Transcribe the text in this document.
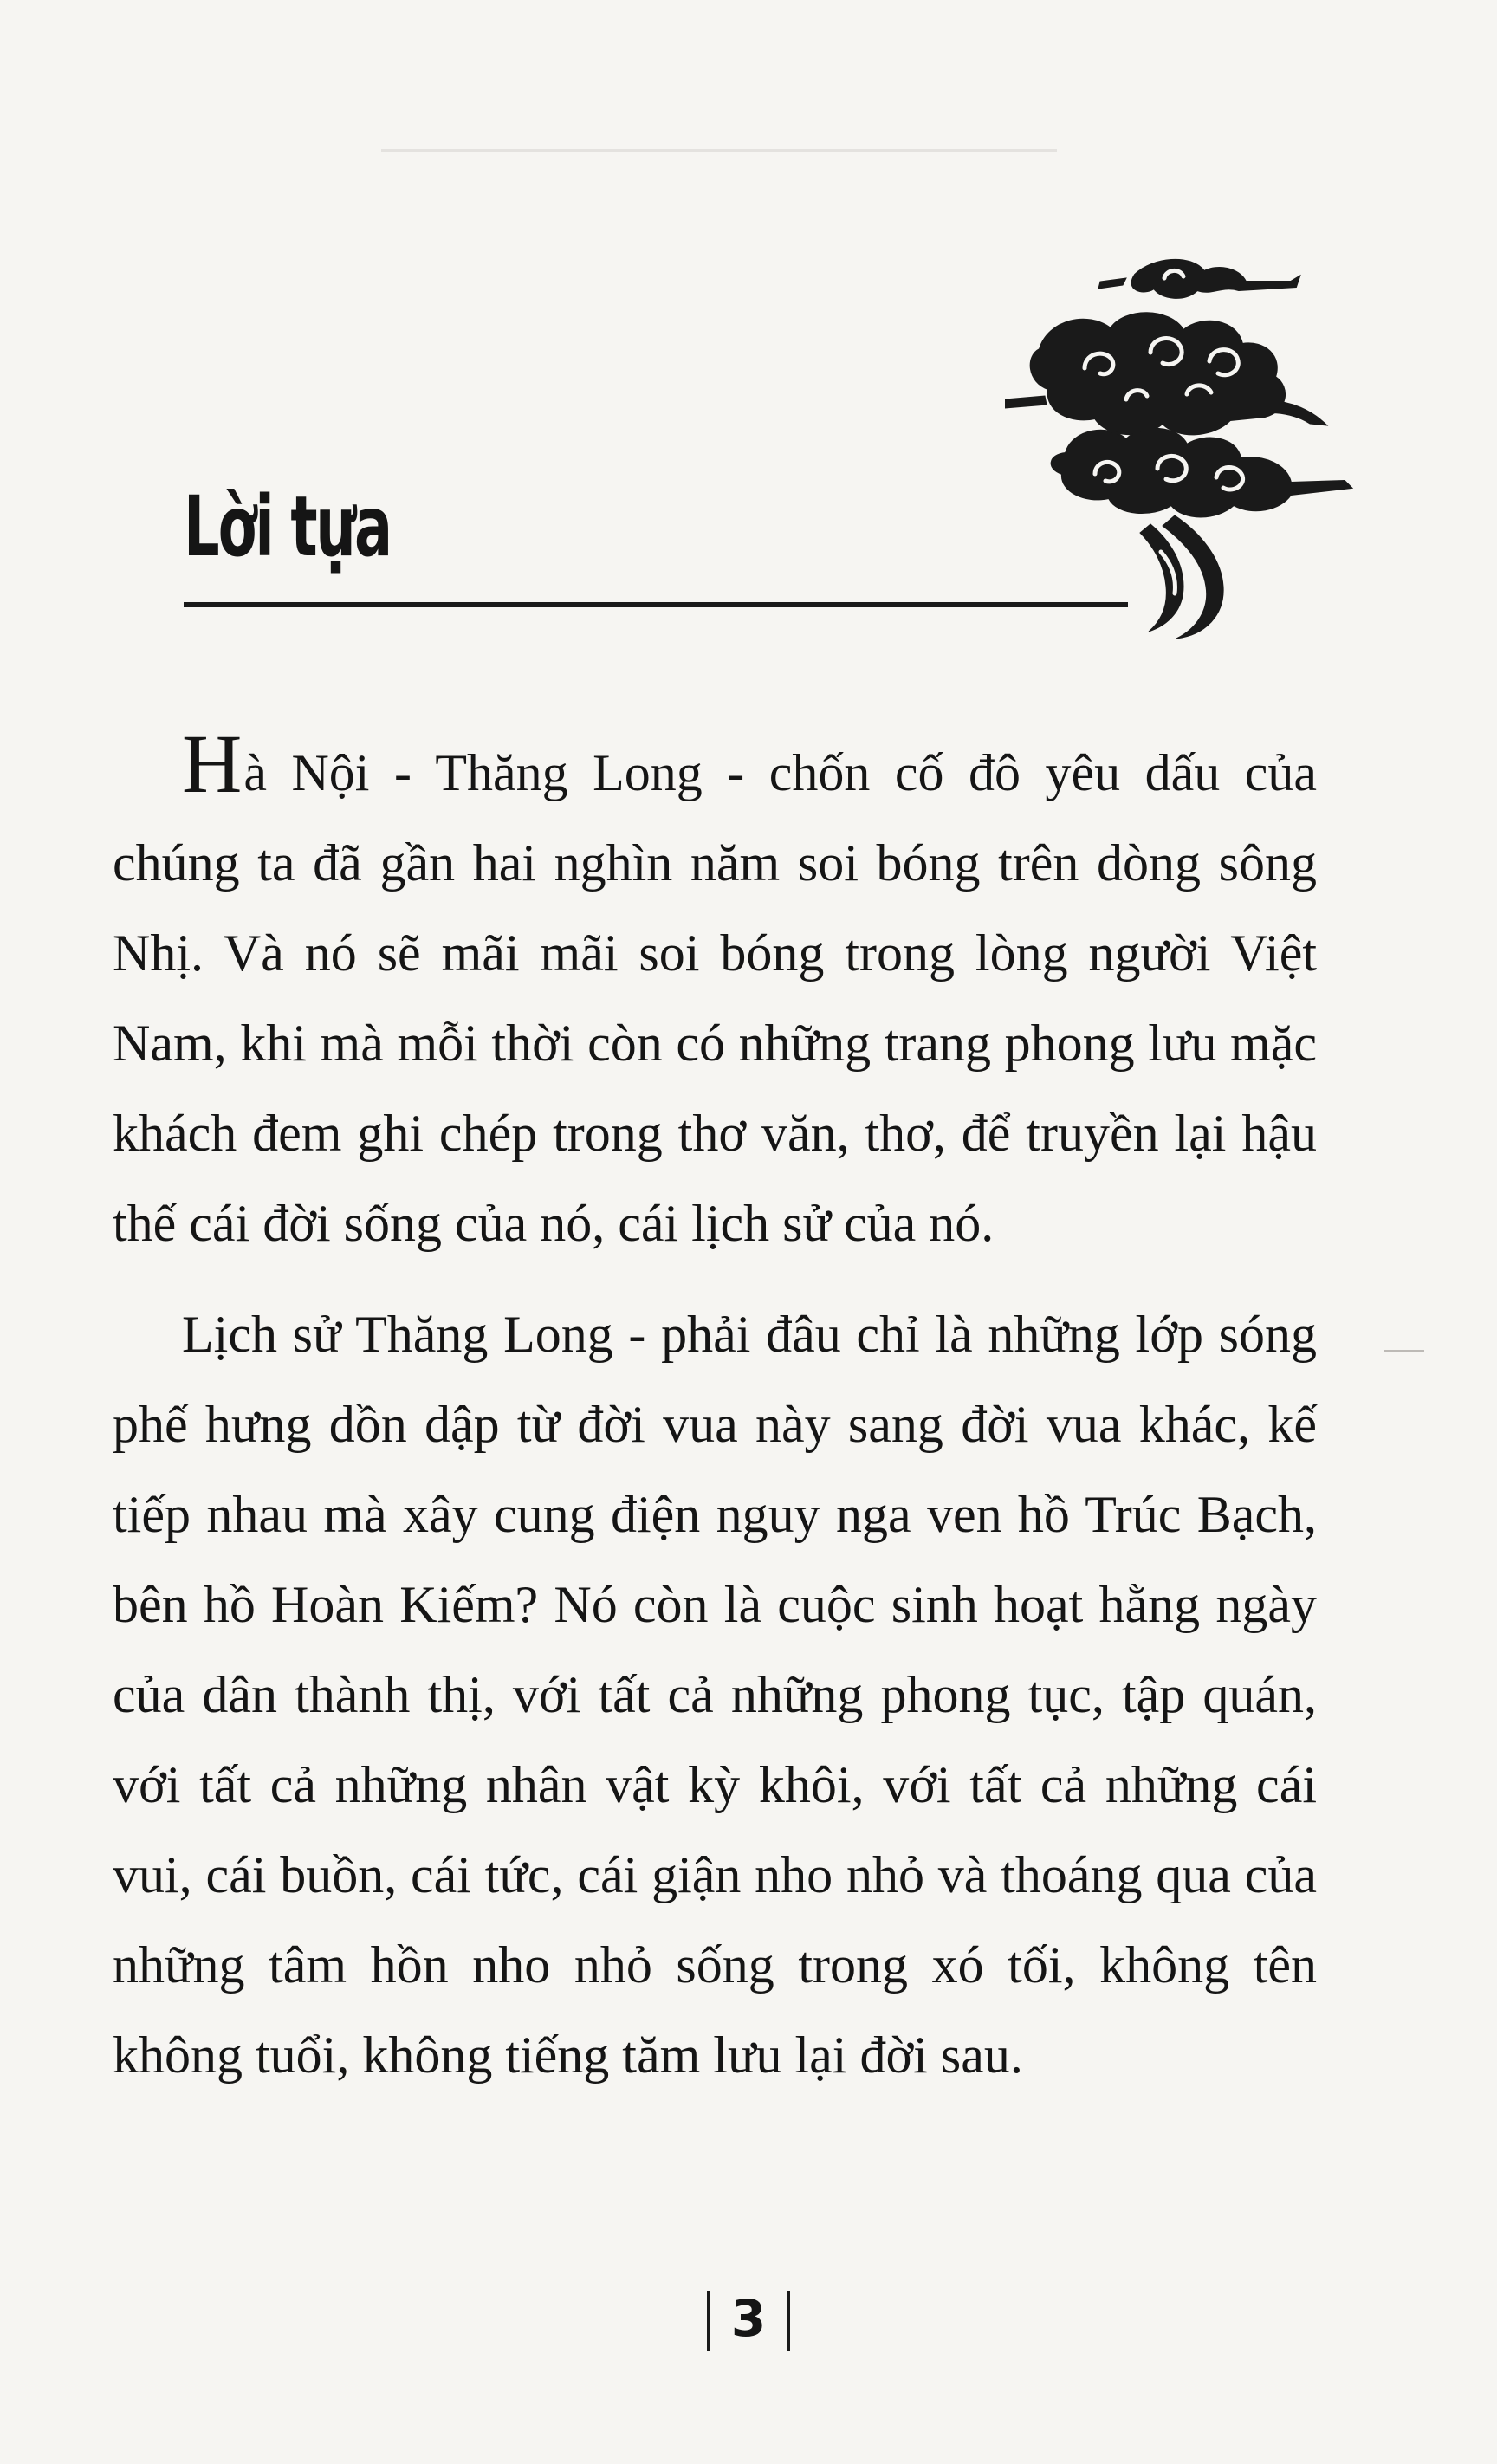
Lời tựa

Hà Nội - Thăng Long - chốn cố đô yêu dấu của chúng ta đã gần hai nghìn năm soi bóng trên dòng sông Nhị. Và nó sẽ mãi mãi soi bóng trong lòng người Việt Nam, khi mà mỗi thời còn có những trang phong lưu mặc khách đem ghi chép trong thơ văn, thơ, để truyền lại hậu thế cái đời sống của nó, cái lịch sử của nó.

Lịch sử Thăng Long - phải đâu chỉ là những lớp sóng phế hưng dồn dập từ đời vua này sang đời vua khác, kế tiếp nhau mà xây cung điện nguy nga ven hồ Trúc Bạch, bên hồ Hoàn Kiếm? Nó còn là cuộc sinh hoạt hằng ngày của dân thành thị, với tất cả những phong tục, tập quán, với tất cả những nhân vật kỳ khôi, với tất cả những cái vui, cái buồn, cái tức, cái giận nho nhỏ và thoáng qua của những tâm hồn nho nhỏ sống trong xó tối, không tên không tuổi, không tiếng tăm lưu lại đời sau.

3
